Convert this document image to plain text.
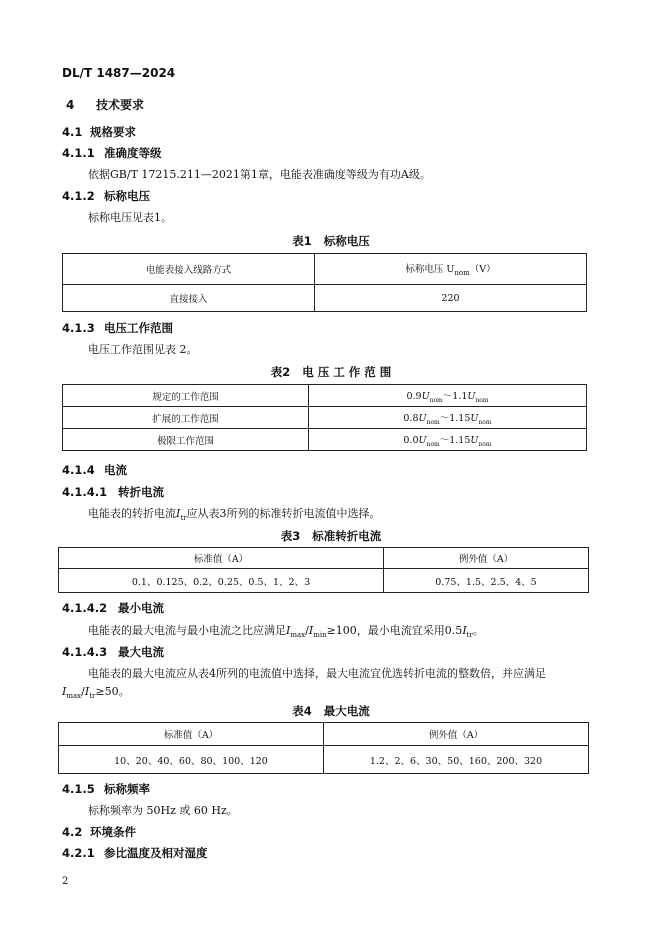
DL/T 1487—2024
4 技术要求
4.1 规格要求
4.1.1 准确度等级
依据GB/T 17215.211—2021第1章，电能表准确度等级为有功A级。
4.1.2 标称电压
标称电压见表1。
表1 标称电压
电能表接入线路方式	标称电压 $U_{nom}(V)$
直接接入	220
4.1.3 电压工作范围
电压工作范围见表 2。
表2 电 压 工 作 范 围
规定的工作范围	$0.9U_{nom}\sim 1.1U_{nom}$
扩展的工作范围	$0.8U_{nom}\sim 1.15U_{nom}$
极限工作范围	$0.0U_{nom}\sim 1.15U_{nom}$
4.1.4 电流
4.1.4.1 转折电流
电能表的转折电流$I_{tr}$应从表3所列的标准转折电流值中选择。
表3 标准转折电流
标准值（A）	例外值（A）
0.1、0.125、0.2、0.25、0.5、1、2、3	0.75、1.5、2.5、4、5
4.1.4.2 最小电流
电能表的最大电流与最小电流之比应满足$I_{max}/I_{min}\ge 100$，最小电流宜采用$0.5I_{tr}$。
4.1.4.3 最大电流
电能表的最大电流应从表4所列的电流值中选择，最大电流宜优选转折电流的整数倍，并应满足
$I_{max}/I_{tr}\ge 50$。
表4 最大电流
标准值（A）	例外值（A）
10、20、40、60、80、100、120	1.2、2、6、30、50、160、200、320
4.1.5 标称频率
标称频率为 50Hz 或 60 Hz。
4.2 环境条件
4.2.1 参比温度及相对湿度
2
